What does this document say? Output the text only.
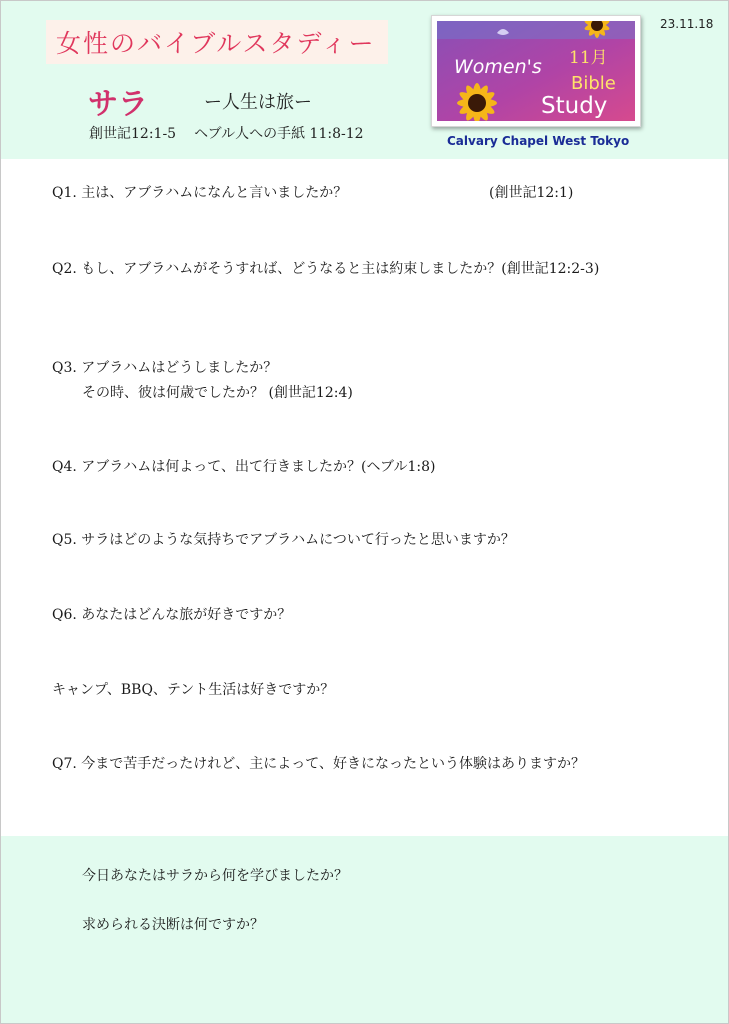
女性のバイブルスタディー
サラ	ー人生は旅ー
創世記12:1-5 ヘブル人への手紙 11:8-12
23.11.18
Women's 11月
Bible
Study
Calvary Chapel West Tokyo
Q1. 主は、アブラハムになんと言いましたか？	(創世記12:1)
Q2. もし、アブラハムがそうすれば、どうなると主は約束しましたか？(創世記12:2-3)
Q3. アブラハムはどうしましたか？
その時、彼は何歳でしたか？ (創世記12:4)
Q4. アブラハムは何よって、出て行きましたか？(ヘブル1:8)
Q5. サラはどのような気持ちでアブラハムについて行ったと思いますか？
Q6. あなたはどんな旅が好きですか？
キャンプ、BBQ、テント生活は好きですか？
Q7. 今まで苦手だったけれど、主によって、好きになったという体験はありますか？
今日あなたはサラから何を学びましたか？
求められる決断は何ですか？
